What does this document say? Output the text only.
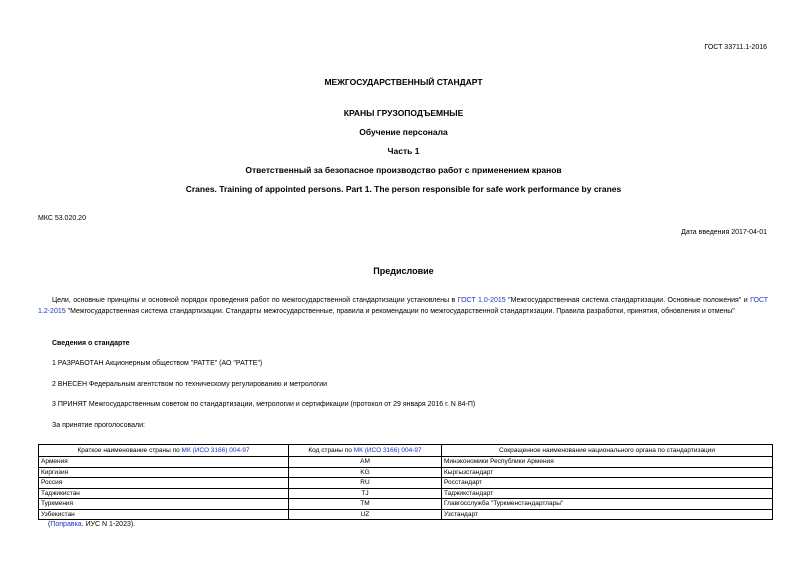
ГОСТ 33711.1-2016
МЕЖГОСУДАРСТВЕННЫЙ СТАНДАРТ
КРАНЫ ГРУЗОПОДЪЕМНЫЕ
Обучение персонала
Часть 1
Ответственный за безопасное производство работ с применением кранов
Cranes. Training of appointed persons. Part 1. The person responsible for safe work performance by cranes
МКС 53.020.20
Дата введения 2017-04-01
Предисловие
Цели, основные принципы и основной порядок проведения работ по межгосударственной стандартизации установлены в ГОСТ 1.0-2015 "Межгосударственная система стандартизации. Основные положения" и ГОСТ 1.2-2015 "Межгосударственная система стандартизации. Стандарты межгосударственные, правила и рекомендации по межгосударственной стандартизации. Правила разработки, принятия, обновления и отмены"
Сведения о стандарте
1 РАЗРАБОТАН Акционерным обществом "РАТТЕ" (АО "РАТТЕ")
2 ВНЕСЕН Федеральным агентством по техническому регулированию и метрологии
3 ПРИНЯТ Межгосударственным советом по стандартизации, метрологии и сертификации (протокол от 29 января 2016 г. N 84-П)
За принятие проголосовали:
Краткое наименование страны по МК (ИСО 3166) 004-97	Код страны по МК (ИСО 3166) 004-97	Сокращенное наименование национального органа по стандартизации
Армения	AM	Минэкономики Республики Армения
Киргизия	KG	Кыргызстандарт
Россия	RU	Росстандарт
Таджикистан	TJ	Таджикстандарт
Туркмения	TM	Главгосслужба "Туркменстандартлары"
Узбекистан	UZ	Узстандарт
(Поправка. ИУС N 1-2023).
